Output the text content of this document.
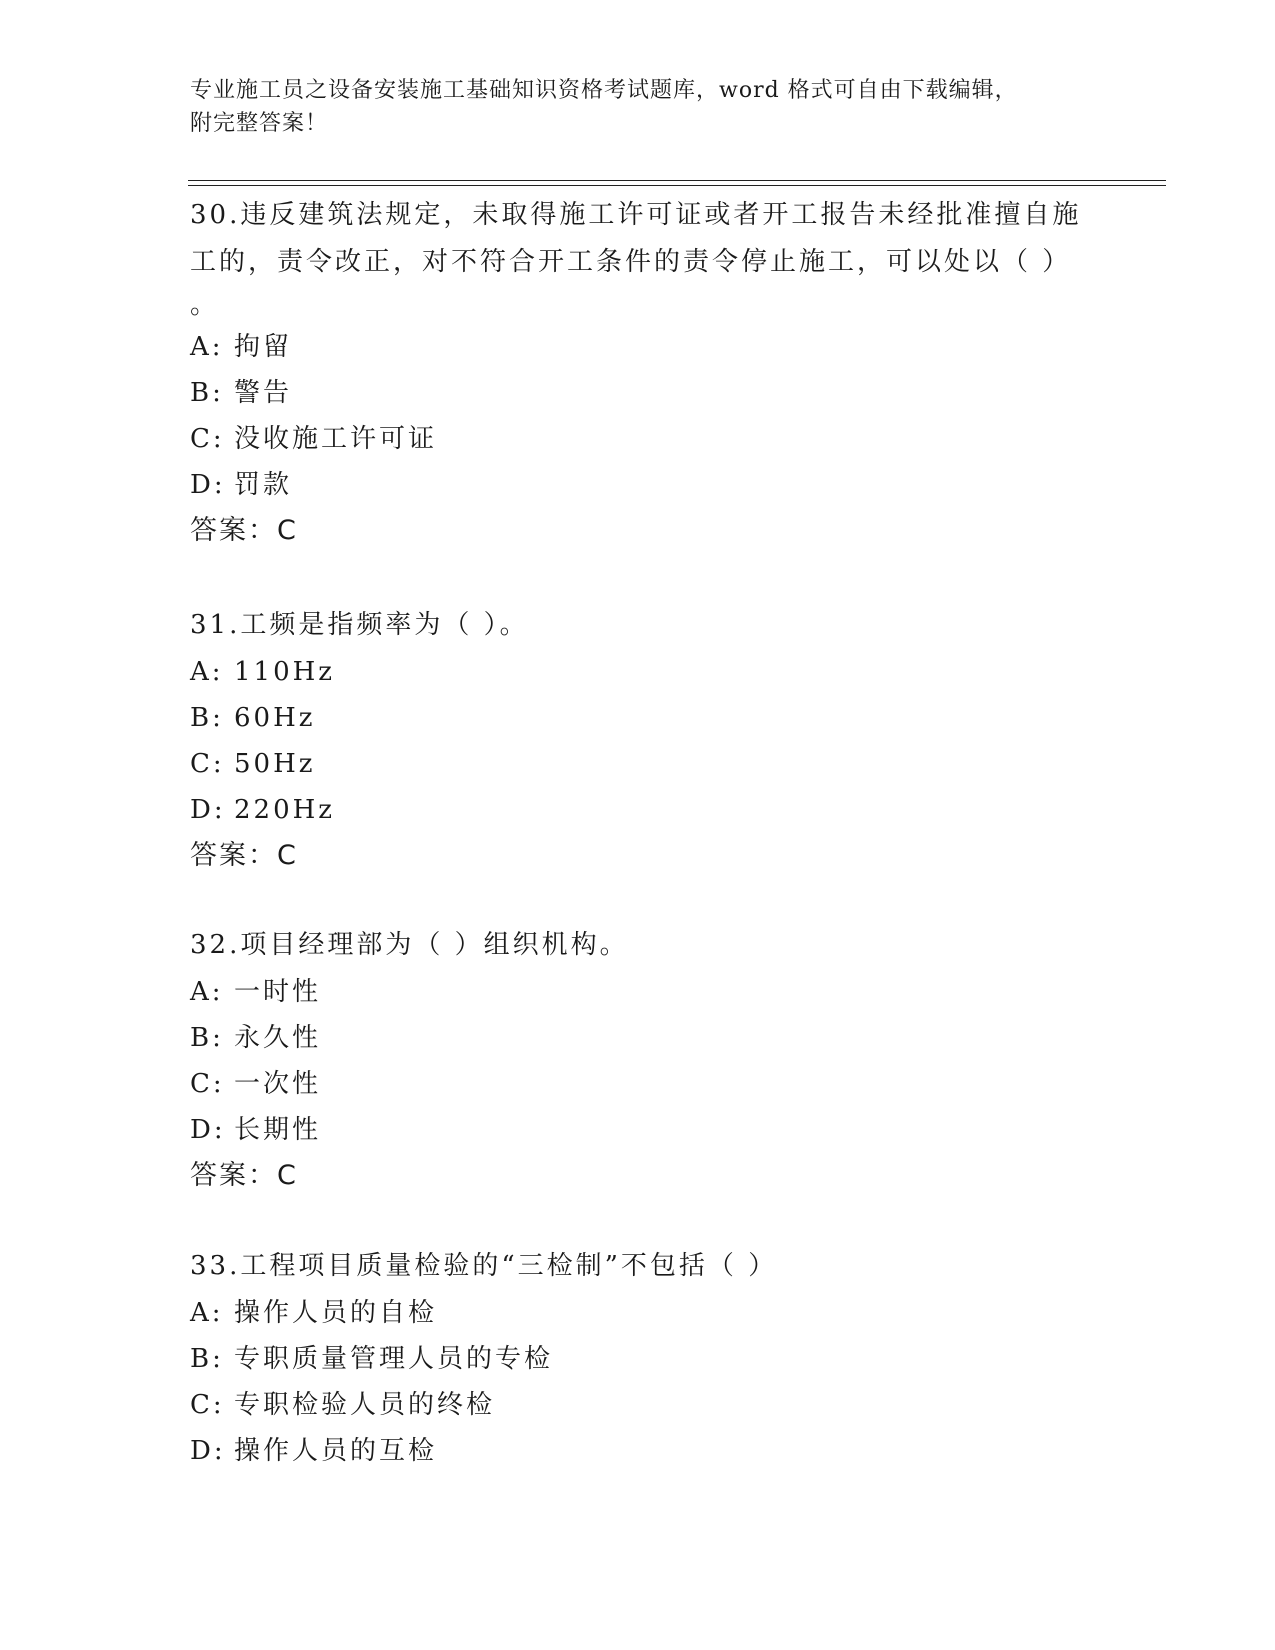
专业施工员之设备安装施工基础知识资格考试题库，word 格式可自由下载编辑，
附完整答案！

30.违反建筑法规定，未取得施工许可证或者开工报告未经批准擅自施

工的，责令改正，对不符合开工条件的责令停止施工，可以处以（ ）

。

A: 拘留
B: 警告
C: 没收施工许可证
D: 罚款

答案：C

31.工频是指频率为（ ）。

A: 110Hz
B: 60Hz
C: 50Hz
D: 220Hz

答案：C

32.项目经理部为（ ）组织机构。

A: 一时性
B: 永久性
C: 一次性
D: 长期性

答案：C

33.工程项目质量检验的“三检制”不包括（ ）

A: 操作人员的自检
B: 专职质量管理人员的专检
C: 专职检验人员的终检
D: 操作人员的互检
